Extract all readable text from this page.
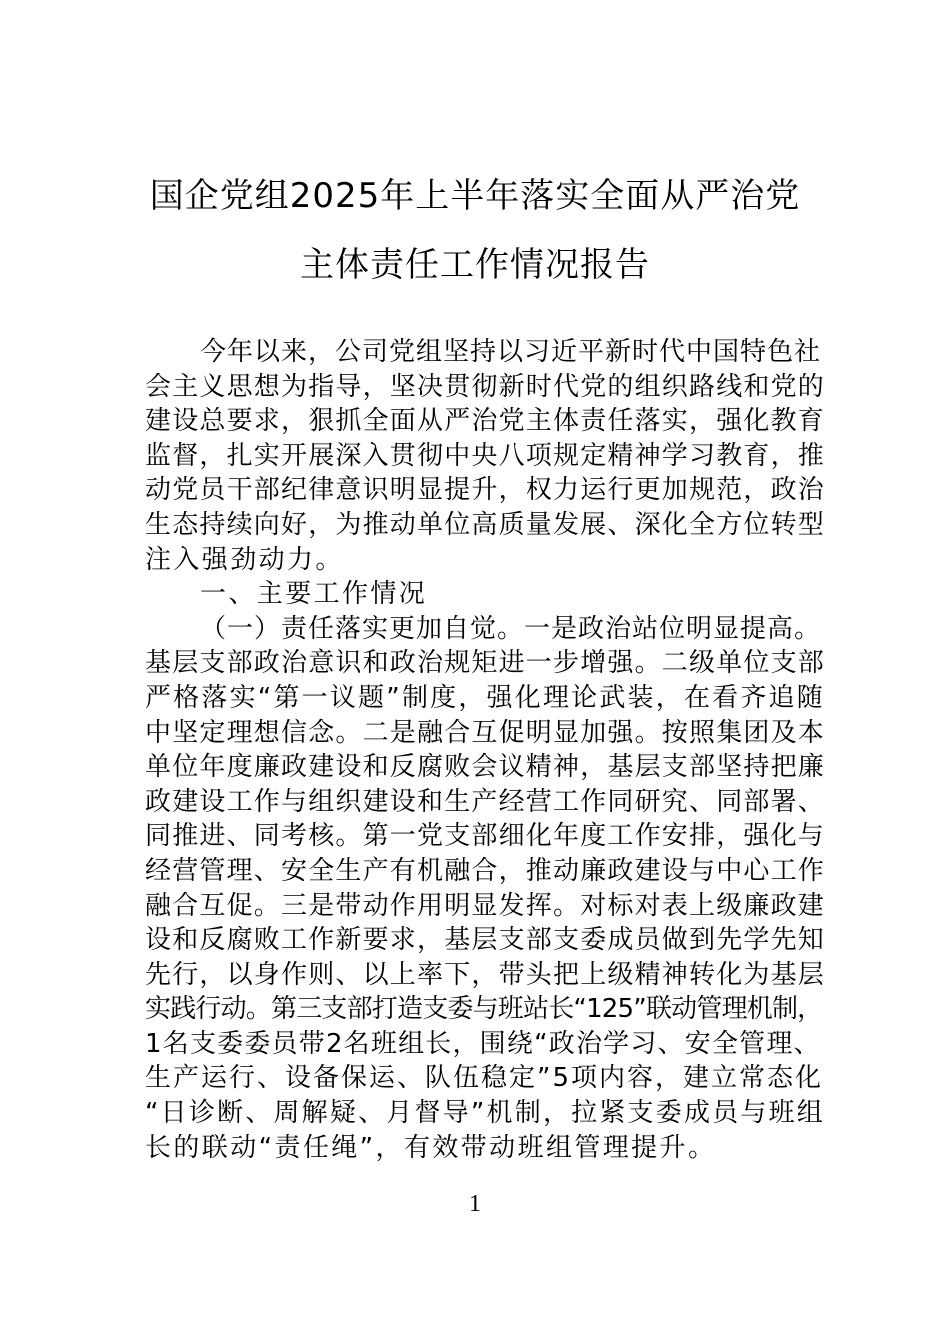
国企党组2025年上半年落实全面从严治党
主体责任工作情况报告
今年以来，公司党组坚持以习近平新时代中国特色社
会主义思想为指导，坚决贯彻新时代党的组织路线和党的
建设总要求，狠抓全面从严治党主体责任落实，强化教育
监督，扎实开展深入贯彻中央八项规定精神学习教育，推
动党员干部纪律意识明显提升，权力运行更加规范，政治
生态持续向好，为推动单位高质量发展、深化全方位转型
注入强劲动力。
一、主要工作情况
（一）责任落实更加自觉。一是政治站位明显提高。
基层支部政治意识和政治规矩进一步增强。二级单位支部
严格落实“第一议题”制度，强化理论武装，在看齐追随
中坚定理想信念。二是融合互促明显加强。按照集团及本
单位年度廉政建设和反腐败会议精神，基层支部坚持把廉
政建设工作与组织建设和生产经营工作同研究、同部署、
同推进、同考核。第一党支部细化年度工作安排，强化与
经营管理、安全生产有机融合，推动廉政建设与中心工作
融合互促。三是带动作用明显发挥。对标对表上级廉政建
设和反腐败工作新要求，基层支部支委成员做到先学先知
先行，以身作则、以上率下，带头把上级精神转化为基层
实践行动。第三支部打造支委与班站长“125”联动管理机制，
1名支委委员带2名班组长，围绕“政治学习、安全管理、
生产运行、设备保运、队伍稳定”5项内容，建立常态化
“日诊断、周解疑、月督导”机制，拉紧支委成员与班组
长的联动“责任绳”，有效带动班组管理提升。
1
